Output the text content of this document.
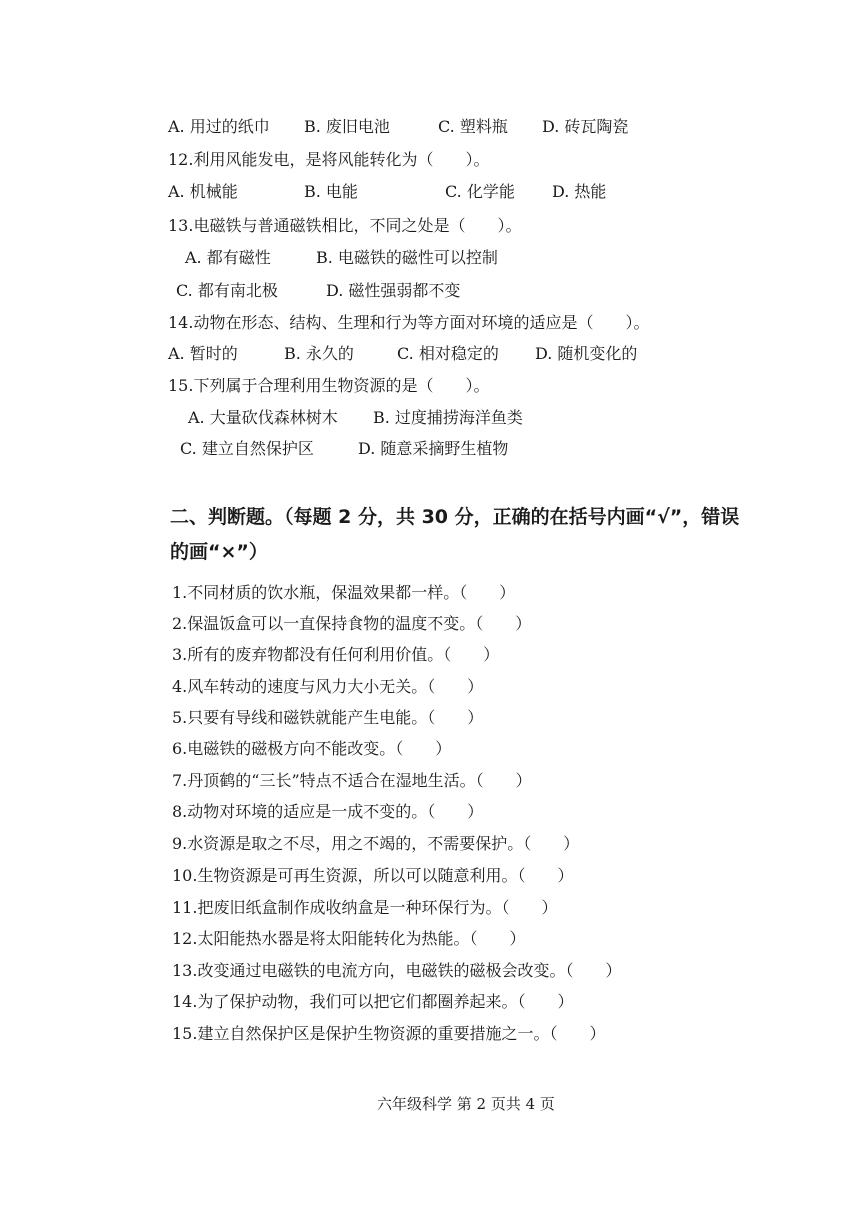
A. 用过的纸巾 B. 废旧电池	C. 塑料瓶 D. 砖瓦陶瓷
12.利用风能发电，是将风能转化为（　　）。
A. 机械能	B. 电能	C. 化学能 D. 热能
13.电磁铁与普通磁铁相比，不同之处是（　　）。
A. 都有磁性	B. 电磁铁的磁性可以控制
C. 都有南北极	D. 磁性强弱都不变
14.动物在形态、结构、生理和行为等方面对环境的适应是（　　）。
A. 暂时的	B. 永久的	C. 相对稳定的 D. 随机变化的
15.下列属于合理利用生物资源的是（　　）。
A. 大量砍伐森林树木 B. 过度捕捞海洋鱼类
C. 建立自然保护区	D. 随意采摘野生植物
二、判断题。（每题 2 分，共 30 分，正确的在括号内画“√”，错误
的画“×”）
1.不同材质的饮水瓶，保温效果都一样。（　　）
2.保温饭盒可以一直保持食物的温度不变。（　　）
3.所有的废弃物都没有任何利用价值。（　　）
4.风车转动的速度与风力大小无关。（　　）
5.只要有导线和磁铁就能产生电能。（　　）
6.电磁铁的磁极方向不能改变。（　　）
7.丹顶鹤的“三长”特点不适合在湿地生活。（　　）
8.动物对环境的适应是一成不变的。（　　）
9.水资源是取之不尽，用之不竭的，不需要保护。（　　）
10.生物资源是可再生资源，所以可以随意利用。（　　）
11.把废旧纸盒制作成收纳盒是一种环保行为。（　　）
12.太阳能热水器是将太阳能转化为热能。（　　）
13.改变通过电磁铁的电流方向，电磁铁的磁极会改变。（　　）
14.为了保护动物，我们可以把它们都圈养起来。（　　）
15.建立自然保护区是保护生物资源的重要措施之一。（　　）
六年级科学 第 2 页共 4 页
